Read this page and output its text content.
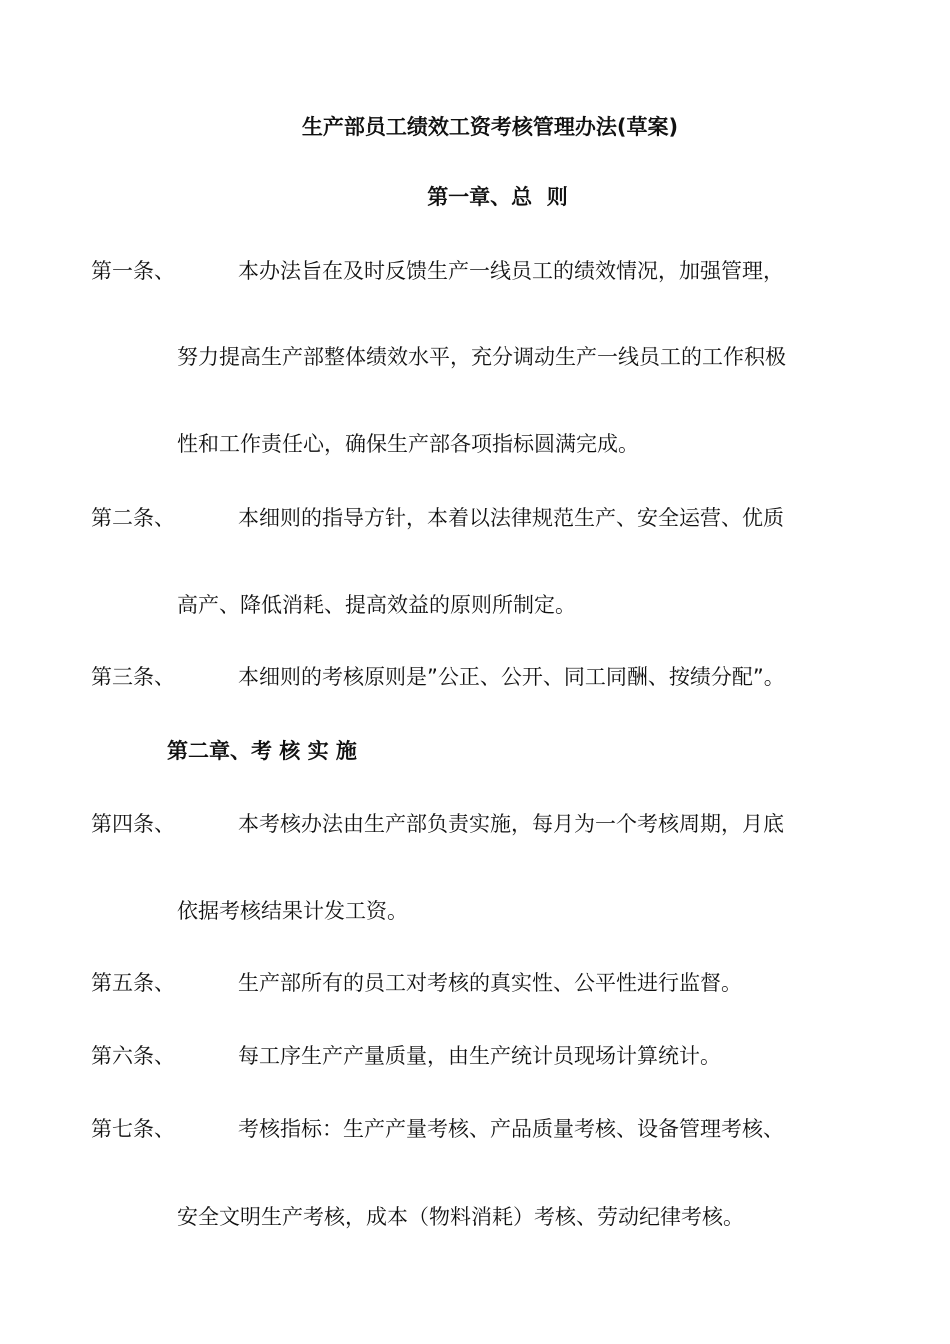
生产部员工绩效工资考核管理办法(草案)
第一章、总  则
第一条、	本办法旨在及时反馈生产一线员工的绩效情况，加强管理，
努力提高生产部整体绩效水平，充分调动生产一线员工的工作积极
性和工作责任心，确保生产部各项指标圆满完成。
第二条、	本细则的指导方针，本着以法律规范生产、安全运营、优质
高产、降低消耗、提高效益的原则所制定。
第三条、	本细则的考核原则是”公正、公开、同工同酬、按绩分配”。
第二章、考 核 实 施
第四条、	本考核办法由生产部负责实施，每月为一个考核周期，月底
依据考核结果计发工资。
第五条、	生产部所有的员工对考核的真实性、公平性进行监督。
第六条、	每工序生产产量质量，由生产统计员现场计算统计。
第七条、	考核指标：生产产量考核、产品质量考核、设备管理考核、
安全文明生产考核，成本（物料消耗）考核、劳动纪律考核。
